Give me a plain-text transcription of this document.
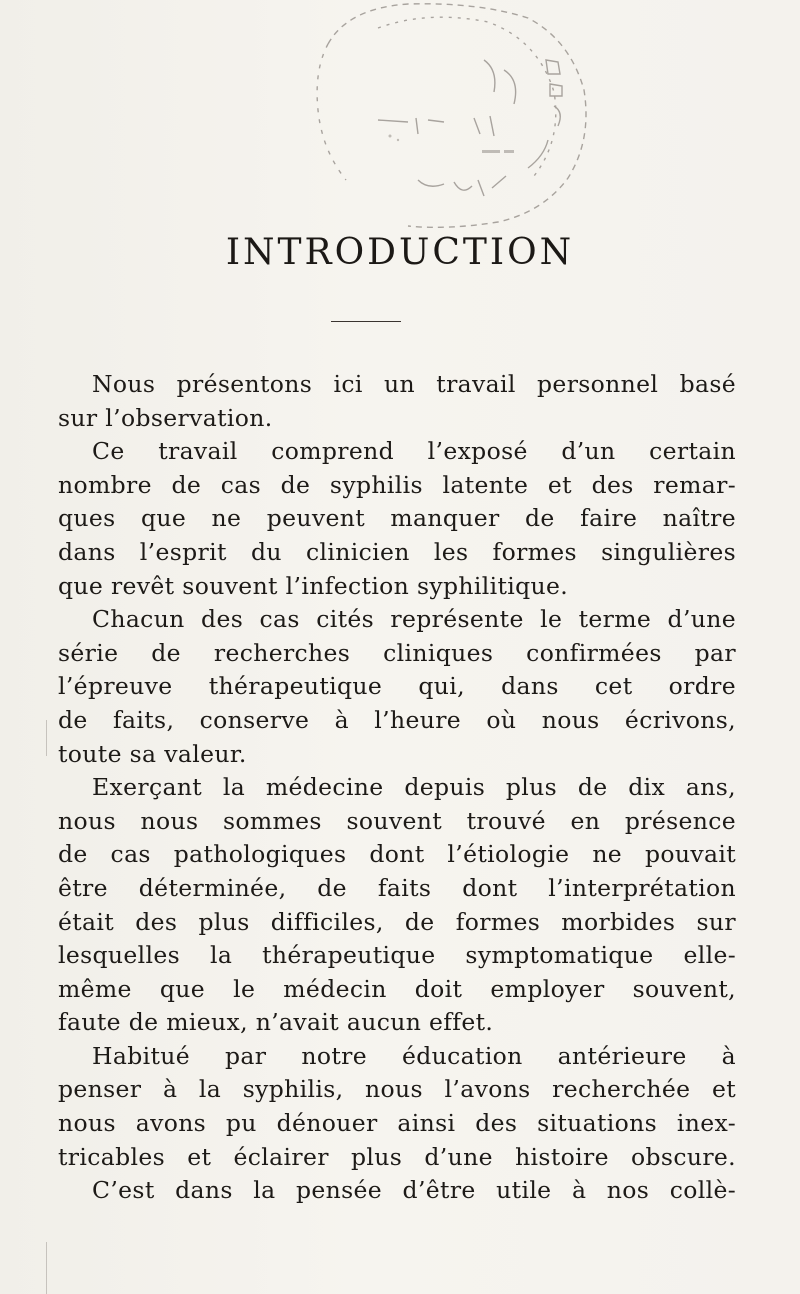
INTRODUCTION
Nous présentons ici un travail personnel basé
sur l’observation.
Ce travail comprend l’exposé d’un certain
nombre de cas de syphilis latente et des remar-
ques que ne peuvent manquer de faire naître
dans l’esprit du clinicien les formes singulières
que revêt souvent l’infection syphilitique.
Chacun des cas cités représente le terme d’une
série de recherches cliniques confirmées par
l’épreuve thérapeutique qui, dans cet ordre
de faits, conserve à l’heure où nous écrivons,
toute sa valeur.
Exerçant la médecine depuis plus de dix ans,
nous nous sommes souvent trouvé en présence
de cas pathologiques dont l’étiologie ne pouvait
être déterminée, de faits dont l’interprétation
était des plus difficiles, de formes morbides sur
lesquelles la thérapeutique symptomatique elle-
même que le médecin doit employer souvent,
faute de mieux, n’avait aucun effet.
Habitué par notre éducation antérieure à
penser à la syphilis, nous l’avons recherchée et
nous avons pu dénouer ainsi des situations inex-
tricables et éclairer plus d’une histoire obscure.
C’est dans la pensée d’être utile à nos collè-
